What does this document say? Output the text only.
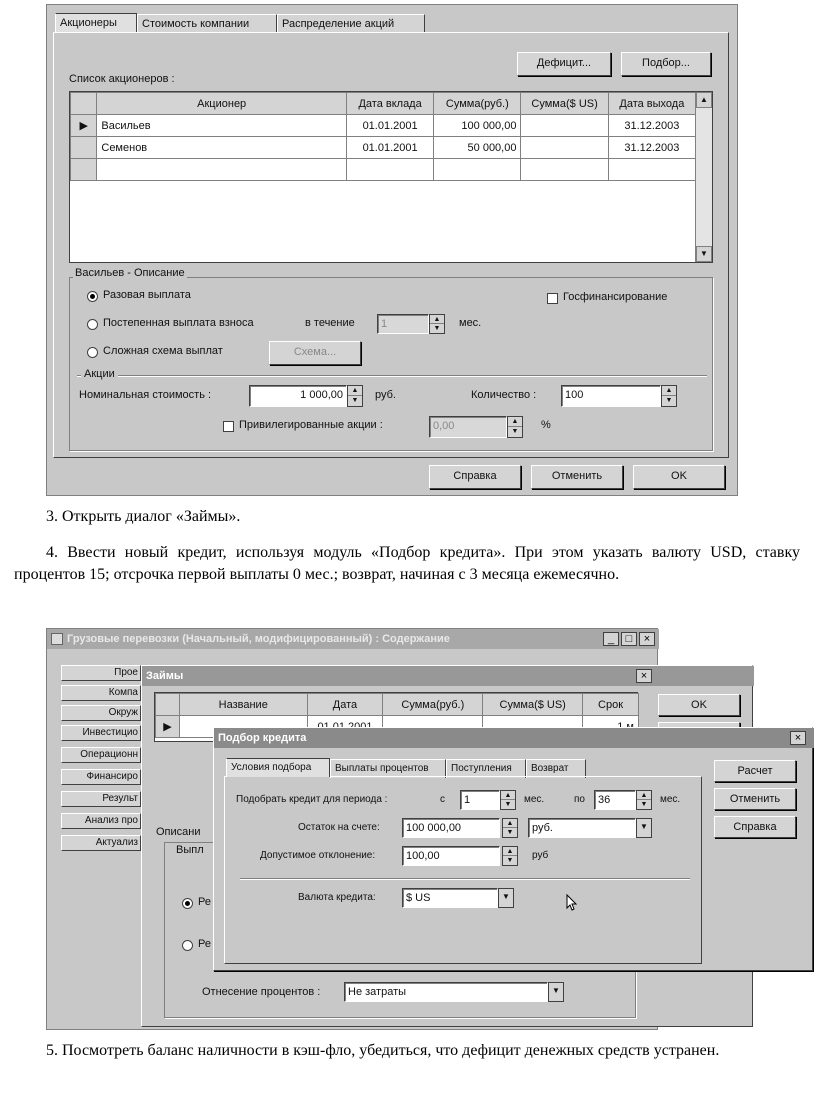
Акционеры	Стоимость компании	Распределение акций
Дефицит...	Подбор...
Список акционеров :
	Акционер	Дата вклада	Сумма(руб.)	Сумма($ US)	Дата выхода
▶	Васильев	01.01.2001	100 000,00		31.12.2003
	Семенов	01.01.2001	50 000,00		31.12.2003

▲
▼
Васильев - Описание
Разовая выплата
Постепенная выплата взноса	в течение	1	▲
▼	мес.
Сложная схема выплат	Схема...
Госфинансирование
Акции
Номинальная стоимость :	1 000,00	▲
▼	руб.	Количество :	100	▲
▼
Привилегированные акции :	0,00	▲
▼
%
Справка	Отменить	OK
3. Открыть диалог «Займы».
4. Ввести новый кредит, используя модуль «Подбор кредита». При этом указать валюту USD, ставку процентов 15; отсрочка первой выплаты 0 мес.; возврат, начиная с 3 месяца ежемесячно.
Грузовые перевозки (Начальный, модифицированный) : Содержание	_	□	×
Прое
Компа
Окруж
Инвестицио
Операционн
Финансиро
Результ
Анализ про
Актуализ
Займы	×
	Название	Дата	Сумма(руб.)	Сумма($ US)	Срок
▶					
OK
Описани
Выпл
Ре
Ре
Отнесение процентов :	Не затраты	▼
Подбор кредита	×
Условия подбора	Выплаты процентов	Поступления	Возврат
Подобрать кредит для периода :	с	1	▲
▼	мес.	по	36	▲
▼	мес.
Остаток на счете:	100 000,00	▲
▼	руб.	▼
Допустимое отклонение:	100,00	▲
▼	руб
Валюта кредита:	$ US	▼
Расчет
Отменить
Справка
5. Посмотреть баланс наличности в кэш-фло, убедиться, что дефицит денежных средств устранен.
